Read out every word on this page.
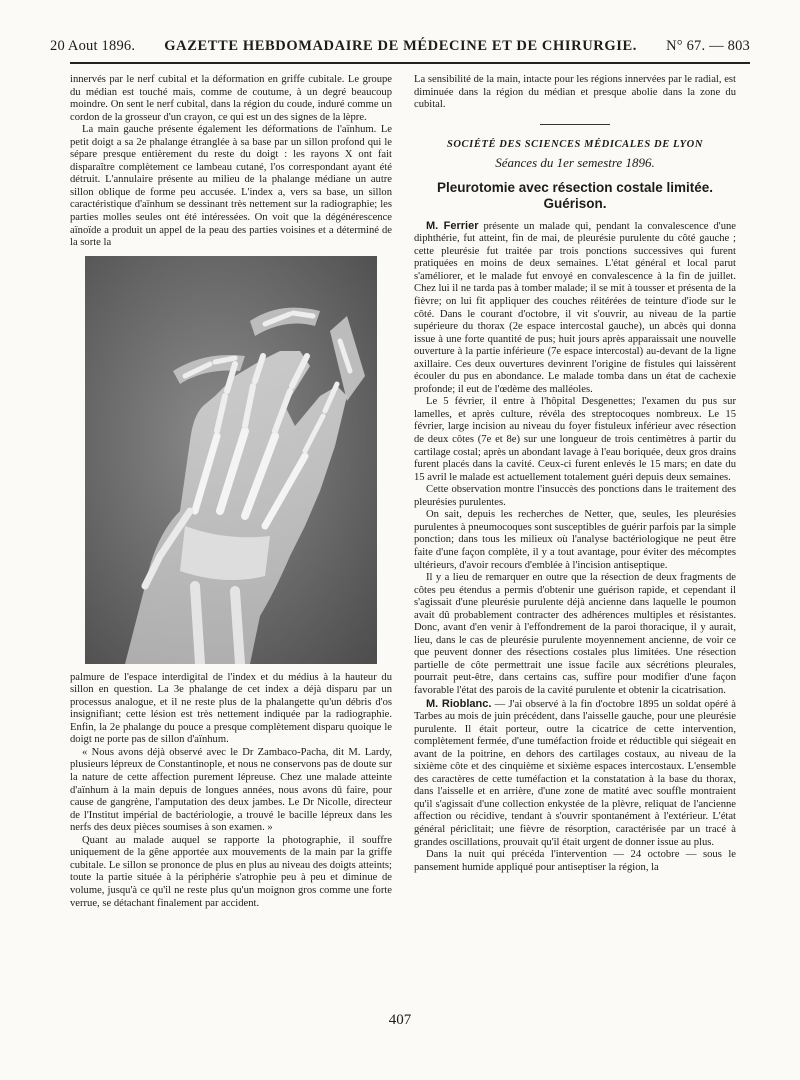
20 Aout 1896. GAZETTE HEBDOMADAIRE DE MÉDECINE ET DE CHIRURGIE. N° 67. — 803

innervés par le nerf cubital et la déformation en griffe cubitale. Le groupe du médian est touché mais, comme de coutume, à un degré beaucoup moindre. On sent le nerf cubital, dans la région du coude, induré comme un cordon de la grosseur d'un crayon, ce qui est un des signes de la lèpre.

La main gauche présente également les déformations de l'aïnhum. Le petit doigt a sa 2e phalange étranglée à sa base par un sillon profond qui le sépare presque entièrement du reste du doigt : les rayons X ont fait disparaître complètement ce lambeau cutané, l'os correspondant ayant été détruit. L'annulaire présente au milieu de la phalange médiane un autre sillon oblique de forme peu accusée. L'index a, vers sa base, un sillon caractéristique d'aïnhum se dessinant très nettement sur la radiographie; les parties molles seules ont été intéressées. On voit que la dégénérescence aïnoïde a produit un appel de la peau des parties voisines et a déterminé de la sorte la

palmure de l'espace interdigital de l'index et du médius à la hauteur du sillon en question. La 3e phalange de cet index a déjà disparu par un processus analogue, et il ne reste plus de la phalangette qu'un débris d'os insignifiant; cette lésion est très nettement indiquée par la radiographie. Enfin, la 2e phalange du pouce a presque complètement disparu quoique le doigt ne porte pas de sillon d'aïnhum.

« Nous avons déjà observé avec le Dr Zambaco-Pacha, dit M. Lardy, plusieurs lépreux de Constantinople, et nous ne conservons pas de doute sur la nature de cette affection purement lépreuse. Chez une malade atteinte d'aïnhum à la main depuis de longues années, nous avons dû faire, pour cause de gangrène, l'amputation des deux jambes. Le Dr Nicolle, directeur de l'Institut impérial de bactériologie, a trouvé le bacille lépreux dans les nerfs des deux pièces soumises à son examen. »

Quant au malade auquel se rapporte la photographie, il souffre uniquement de la gêne apportée aux mouvements de la main par la griffe cubitale. Le sillon se prononce de plus en plus au niveau des doigts atteints; toute la partie située à la périphérie s'atrophie peu à peu et diminue de volume, jusqu'à ce qu'il ne reste plus qu'un moignon gros comme une forte verrue, se détachant finalement par accident.

La sensibilité de la main, intacte pour les régions innervées par le radial, est diminuée dans la région du médian et presque abolie dans la zone du cubital.

SOCIÉTÉ DES SCIENCES MÉDICALES DE LYON
Séances du 1er semestre 1896.
Pleurotomie avec résection costale limitée. Guérison.

M. Ferrier présente un malade qui, pendant la convalescence d'une diphthérie, fut atteint, fin de mai, de pleurésie purulente du côté gauche ; cette pleurésie fut traitée par trois ponctions successives qui furent pratiquées en moins de deux semaines. L'état général et local parut s'améliorer, et le malade fut envoyé en convalescence à la fin de juillet. Chez lui il ne tarda pas à tomber malade; il se mit à tousser et présenta de la fièvre; on lui fit appliquer des couches réitérées de teinture d'iode sur le côté. Dans le courant d'octobre, il vit s'ouvrir, au niveau de la partie supérieure du thorax (2e espace intercostal gauche), un abcès qui donna issue à une forte quantité de pus; huit jours après apparaissait une nouvelle ouverture à la partie inférieure (7e espace intercostal) au-devant de la ligne axillaire. Ces deux ouvertures devinrent l'origine de fistules qui laissèrent écouler du pus en abondance. Le malade tomba dans un état de cachexie profonde; il eut de l'œdème des malléoles.

Le 5 février, il entre à l'hôpital Desgenettes; l'examen du pus sur lamelles, et après culture, révéla des streptocoques nombreux. Le 15 février, large incision au niveau du foyer fistuleux inférieur avec résection de deux côtes (7e et 8e) sur une longueur de trois centimètres à partir du cartilage costal; après un abondant lavage à l'eau boriquée, deux gros drains furent placés dans la cavité. Ceux-ci furent enlevés le 15 mars; en date du 15 avril le malade est actuellement totalement guéri depuis deux semaines.

Cette observation montre l'insuccès des ponctions dans le traitement des pleurésies purulentes.

On sait, depuis les recherches de Netter, que, seules, les pleurésies purulentes à pneumocoques sont susceptibles de guérir parfois par la simple ponction; dans tous les milieux où l'analyse bactériologique ne peut être faite d'une façon complète, il y a tout avantage, pour éviter des mécomptes ultérieurs, d'avoir recours d'emblée à l'incision antiseptique.

Il y a lieu de remarquer en outre que la résection de deux fragments de côtes peu étendus a permis d'obtenir une guérison rapide, et cependant il s'agissait d'une pleurésie purulente déjà ancienne dans laquelle le poumon avait dû probablement contracter des adhérences multiples et résistantes. Donc, avant d'en venir à l'effondrement de la paroi thoracique, il y aurait, lieu, dans le cas de pleurésie purulente moyennement ancienne, de voir ce que peuvent donner des résections costales plus limitées. Une résection partielle de côte permettrait une issue facile aux sécrétions pleurales, pourrait peut-être, dans certains cas, suffire pour modifier d'une façon favorable l'état des parois de la cavité purulente et obtenir la cicatrisation.

M. Rioblanc. — J'ai observé à la fin d'octobre 1895 un soldat opéré à Tarbes au mois de juin précédent, dans l'aisselle gauche, pour une pleurésie purulente. Il était porteur, outre la cicatrice de cette intervention, complètement fermée, d'une tuméfaction froide et réductible qui siégeait en avant de la poitrine, en dehors des cartilages costaux, au niveau de la sixième côte et des cinquième et sixième espaces intercostaux. L'ensemble des caractères de cette tuméfaction et la constatation à la base du thorax, dans l'aisselle et en arrière, d'une zone de matité avec souffle montraient qu'il s'agissait d'une collection enkystée de la plèvre, reliquat de l'ancienne affection ou récidive, tendant à s'ouvrir spontanément à l'extérieur. L'état général périclitait; une fièvre de résorption, caractérisée par un tracé à grandes oscillations, prouvait qu'il était urgent de donner issue au plus.

Dans la nuit qui précéda l'intervention — 24 octobre — sous le pansement humide appliqué pour antiseptiser la région, la

407
